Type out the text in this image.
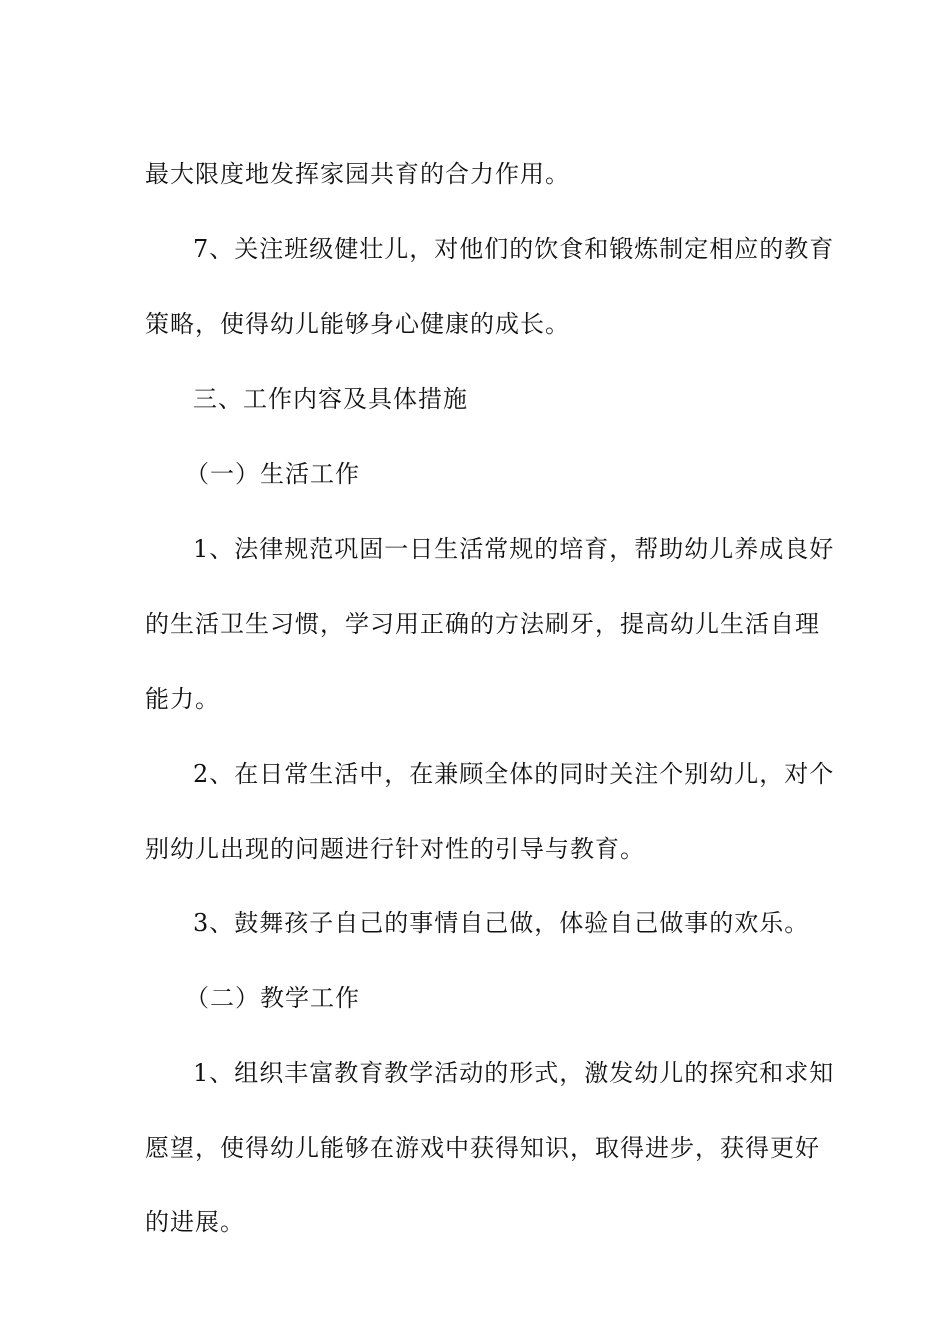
最大限度地发挥家园共育的合力作用。

7、关注班级健壮儿，对他们的饮食和锻炼制定相应的教育

策略，使得幼儿能够身心健康的成长。

三、工作内容及具体措施

（一）生活工作

1、法律规范巩固一日生活常规的培育，帮助幼儿养成良好

的生活卫生习惯，学习用正确的方法刷牙，提高幼儿生活自理

能力。

2、在日常生活中，在兼顾全体的同时关注个别幼儿，对个

别幼儿出现的问题进行针对性的引导与教育。

3、鼓舞孩子自己的事情自己做，体验自己做事的欢乐。

（二）教学工作

1、组织丰富教育教学活动的形式，激发幼儿的探究和求知

愿望，使得幼儿能够在游戏中获得知识，取得进步，获得更好

的进展。
